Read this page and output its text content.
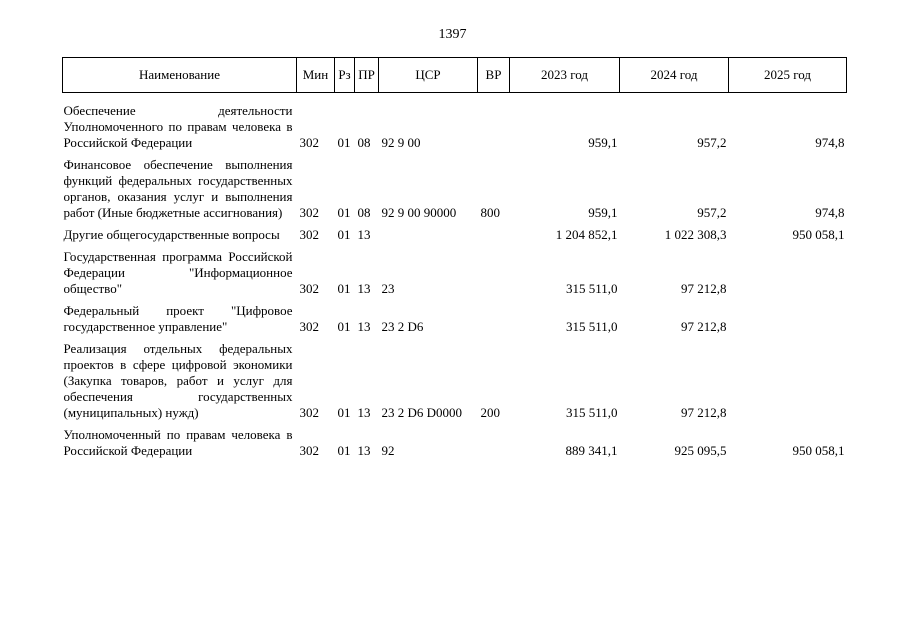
1397
Наименование	Мин	Рз	ПР	ЦСР	ВР	2023 год	2024 год	2025 год

Обеспечение деятельности Уполномоченного по правам человека в Российской Федерации	302	01	08	92 9 00		959,1	957,2	974,8

Финансовое обеспечение выполнения функций федеральных государственных органов, оказания услуг и выполнения работ (Иные бюджетные ассигнования)	302	01	08	92 9 00 90000	800	959,1	957,2	974,8

Другие общегосударственные вопросы	302	01	13			1 204 852,1	1 022 308,3	950 058,1

Государственная программа Российской Федерации "Информационное общество"	302	01	13	23		315 511,0	97 212,8	

Федеральный проект "Цифровое государственное управление"	302	01	13	23 2 D6		315 511,0	97 212,8	

Реализация отдельных федеральных проектов в сфере цифровой экономики (Закупка товаров, работ и услуг для обеспечения государственных (муниципальных) нужд)	302	01	13	23 2 D6 D0000	200	315 511,0	97 212,8	

Уполномоченный по правам человека в Российской Федерации	302	01	13	92		889 341,1	925 095,5	950 058,1
